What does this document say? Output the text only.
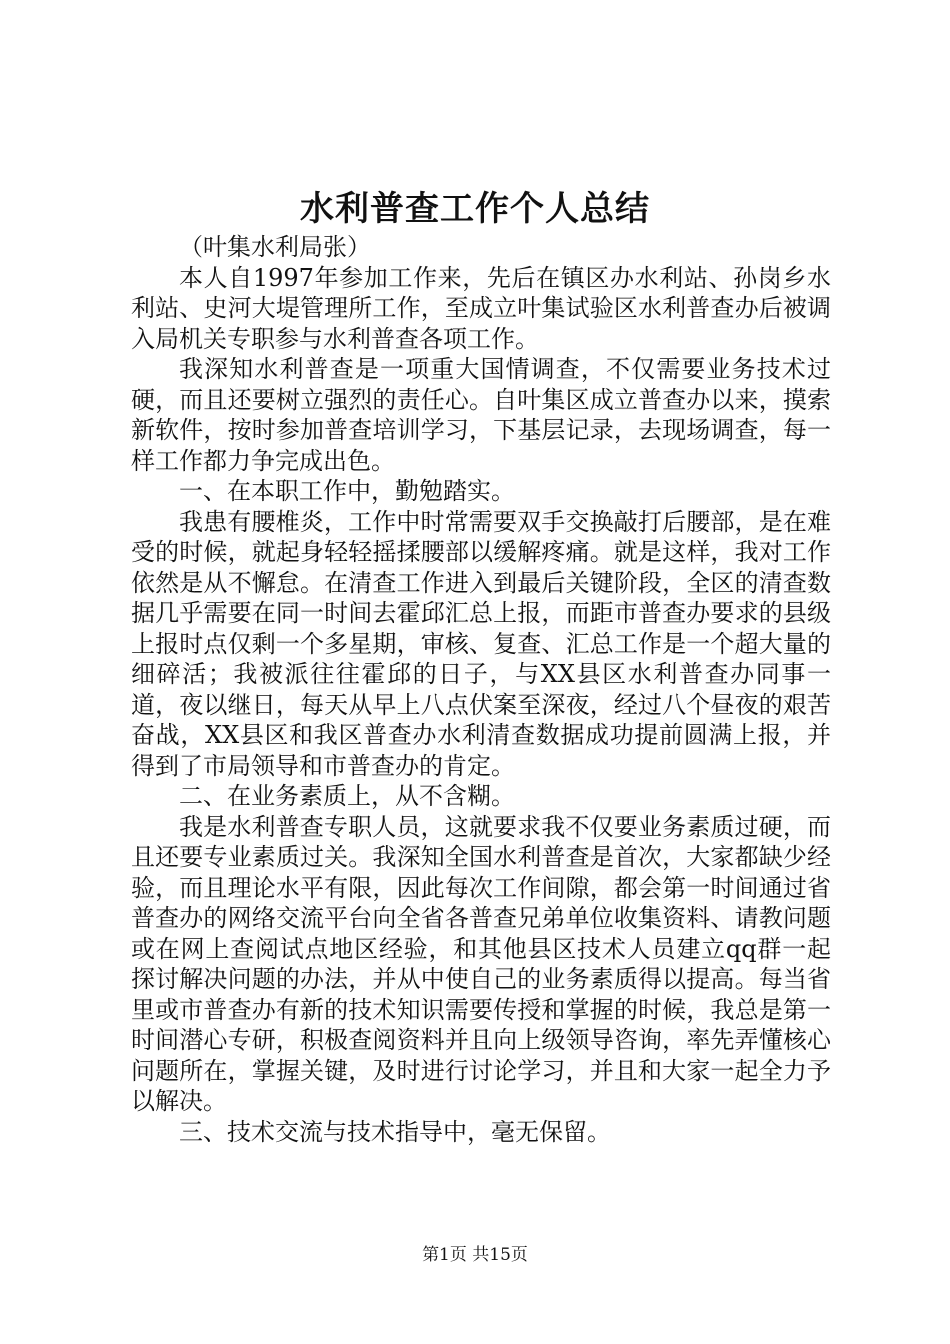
水利普查工作个人总结

（叶集水利局张）

本人自1997年参加工作来，先后在镇区办水利站、孙岗乡水利站、史河大堤管理所工作，至成立叶集试验区水利普查办后被调入局机关专职参与水利普查各项工作。

我深知水利普查是一项重大国情调查，不仅需要业务技术过硬，而且还要树立强烈的责任心。自叶集区成立普查办以来，摸索新软件，按时参加普查培训学习，下基层记录，去现场调查，每一样工作都力争完成出色。

一、在本职工作中，勤勉踏实。

我患有腰椎炎，工作中时常需要双手交换敲打后腰部，是在难受的时候，就起身轻轻摇揉腰部以缓解疼痛。就是这样，我对工作依然是从不懈怠。在清查工作进入到最后关键阶段，全区的清查数据几乎需要在同一时间去霍邱汇总上报，而距市普查办要求的县级上报时点仅剩一个多星期，审核、复查、汇总工作是一个超大量的细碎活；我被派往往霍邱的日子，与XX县区水利普查办同事一道，夜以继日，每天从早上八点伏案至深夜，经过八个昼夜的艰苦奋战，XX县区和我区普查办水利清查数据成功提前圆满上报，并得到了市局领导和市普查办的肯定。

二、在业务素质上，从不含糊。

我是水利普查专职人员，这就要求我不仅要业务素质过硬，而且还要专业素质过关。我深知全国水利普查是首次，大家都缺少经验，而且理论水平有限，因此每次工作间隙，都会第一时间通过省普查办的网络交流平台向全省各普查兄弟单位收集资料、请教问题或在网上查阅试点地区经验，和其他县区技术人员建立qq群一起探讨解决问题的办法，并从中使自己的业务素质得以提高。每当省里或市普查办有新的技术知识需要传授和掌握的时候，我总是第一时间潜心专研，积极查阅资料并且向上级领导咨询，率先弄懂核心问题所在，掌握关键，及时进行讨论学习，并且和大家一起全力予以解决。

三、技术交流与技术指导中，毫无保留。

第1页 共15页
